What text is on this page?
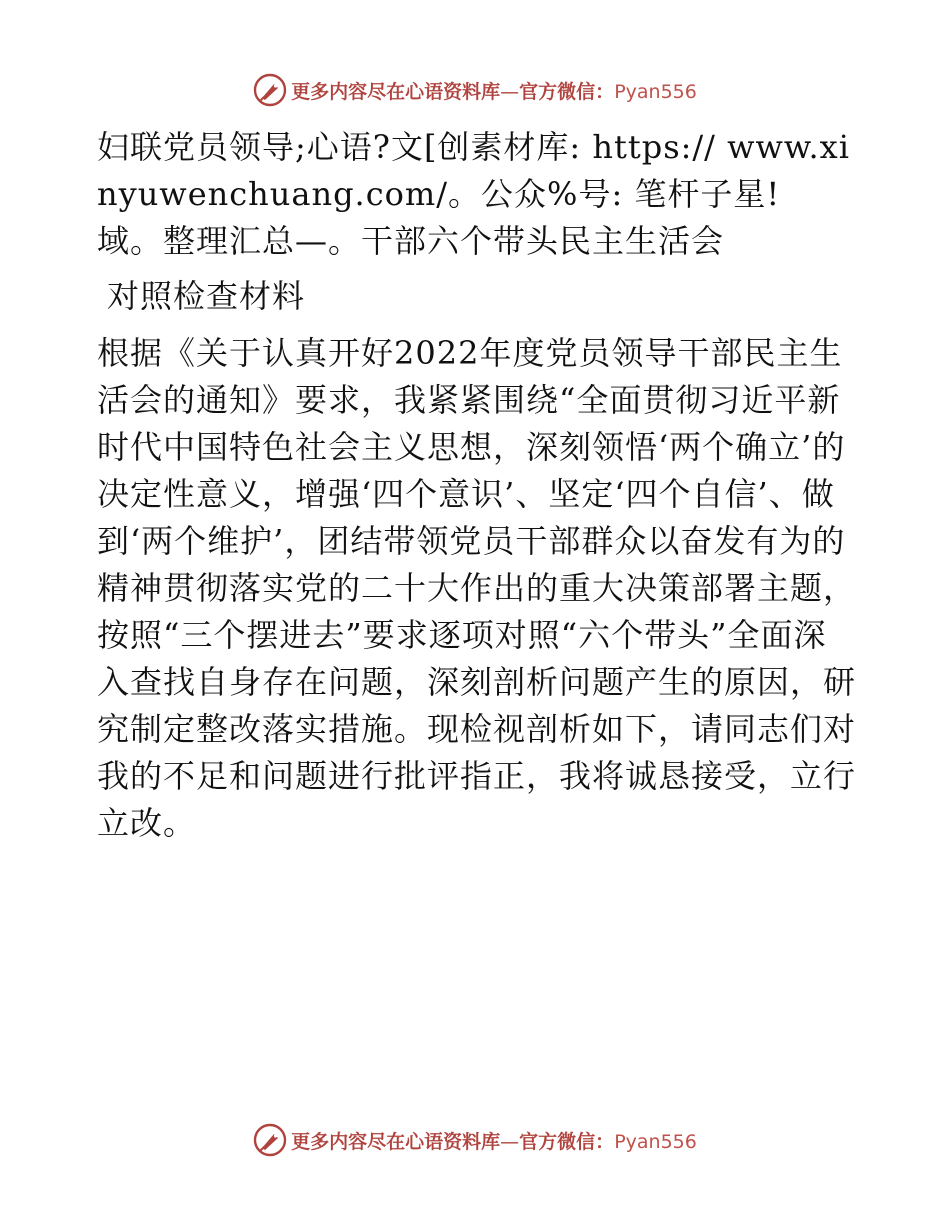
更多内容尽在心语资料库—官方微信：Pyan556

妇联党员领导;心语?文[创素材库: https:// www.xinyuwenchuang.com/。公众%号: 笔杆子星! 域。整理汇总—。干部六个带头民主生活会

对照检查材料

根据《关于认真开好2022年度党员领导干部民主生活会的通知》要求，我紧紧围绕“全面贯彻习近平新时代中国特色社会主义思想，深刻领悟‘两个确立’的决定性意义，增强‘四个意识’、坚定‘四个自信’、做到‘两个维护’，团结带领党员干部群众以奋发有为的精神贯彻落实党的二十大作出的重大决策部署主题，按照“三个摆进去”要求逐项对照“六个带头”全面深入查找自身存在问题，深刻剖析问题产生的原因，研究制定整改落实措施。现检视剖析如下，请同志们对我的不足和问题进行批评指正，我将诚恳接受，立行立改。

更多内容尽在心语资料库—官方微信：Pyan556
